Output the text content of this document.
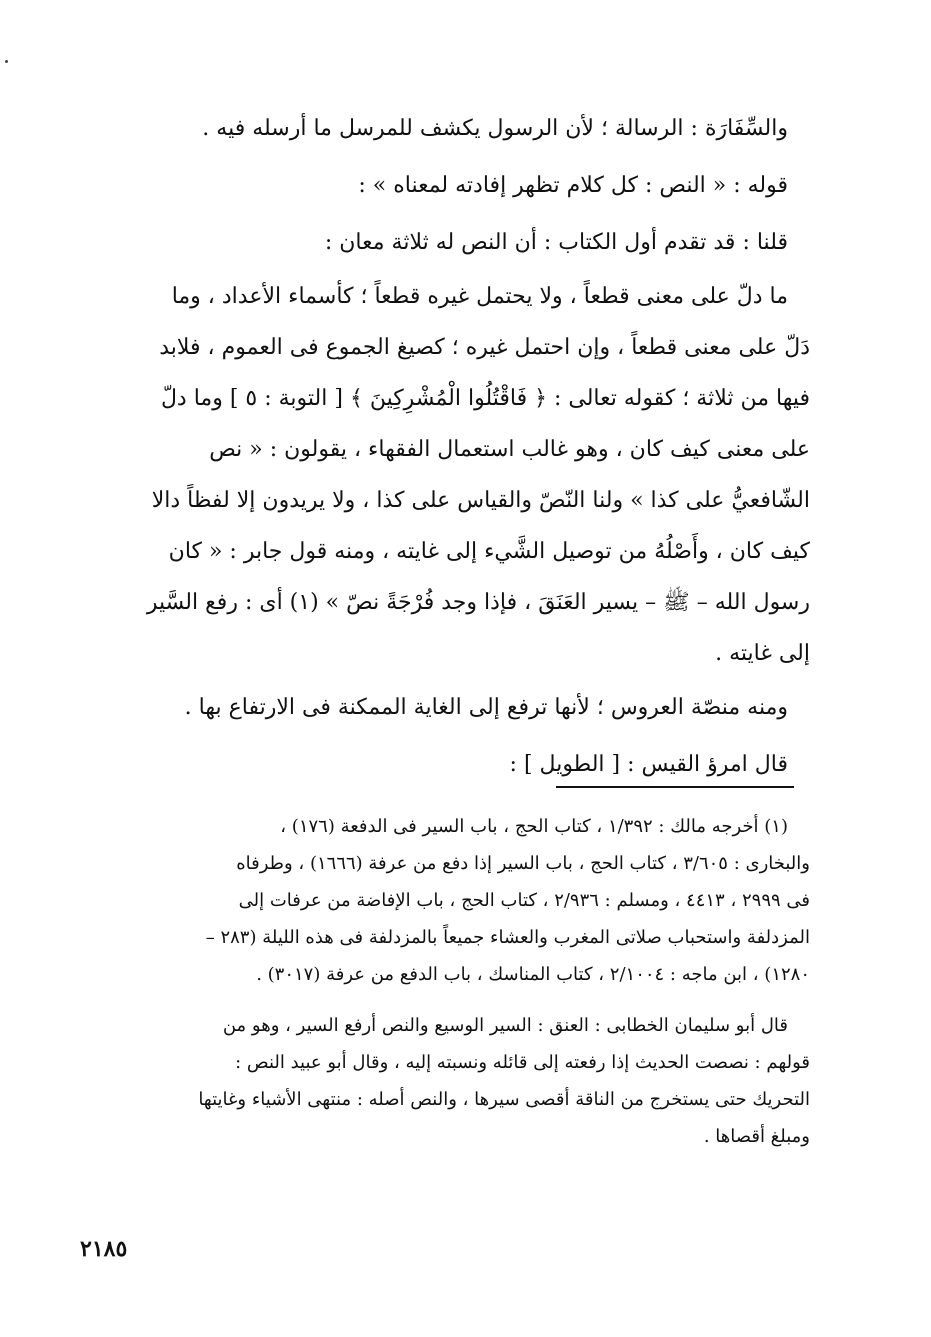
والسِّفَارَة : الرسالة ؛ لأن الرسول يكشف للمرسل ما أرسله فيه .
قوله : « النص : كل كلام تظهر إفادته لمعناه » :
قلنا : قد تقدم أول الكتاب : أن النص له ثلاثة معان :
ما دلّ على معنى قطعاً ، ولا يحتمل غيره قطعاً ؛ كأسماء الأعداد ، وما
دَلّ على معنى قطعاً ، وإن احتمل غيره ؛ كصيغ الجموع فى العموم ، فلابد
فيها من ثلاثة ؛ كقوله تعالى : ﴿ فَاقْتُلُوا الْمُشْرِكِينَ ﴾ [ التوبة : ٥ ] وما دلّ
على معنى كيف كان ، وهو غالب استعمال الفقهاء ، يقولون : « نص
الشّافعيُّ على كذا » ولنا النّصّ والقياس على كذا ، ولا يريدون إلا لفظاً دالا
كيف كان ، وأَصْلُهُ من توصيل الشَّيء إلى غايته ، ومنه قول جابر : « كان
رسول الله – ﷺ – يسير العَنَقَ ، فإذا وجد فُرْجَةً نصّ » (١) أى : رفع السَّير
إلى غايته .
ومنه منصّة العروس ؛ لأنها ترفع إلى الغاية الممكنة فى الارتفاع بها .
قال امرؤ القيس : [ الطويل ] :
(١) أخرجه مالك : ١/٣٩٢ ، كتاب الحج ، باب السير فى الدفعة (١٧٦) ،
والبخارى : ٣/٦٠٥ ، كتاب الحج ، باب السير إذا دفع من عرفة (١٦٦٦) ، وطرفاه
فى ٢٩٩٩ ، ٤٤١٣ ، ومسلم : ٢/٩٣٦ ، كتاب الحج ، باب الإفاضة من عرفات إلى
المزدلفة واستحباب صلاتى المغرب والعشاء جميعاً بالمزدلفة فى هذه الليلة (٢٨٣ –
١٢٨٠) ، ابن ماجه : ٢/١٠٠٤ ، كتاب المناسك ، باب الدفع من عرفة (٣٠١٧) .
قال أبو سليمان الخطابى : العنق : السير الوسيع والنص أرفع السير ، وهو من
قولهم : نصصت الحديث إذا رفعته إلى قائله ونسبته إليه ، وقال أبو عبيد النص :
التحريك حتى يستخرج من الناقة أقصى سيرها ، والنص أصله : منتهى الأشياء وغايتها
ومبلغ أقصاها .
٢١٨٥
